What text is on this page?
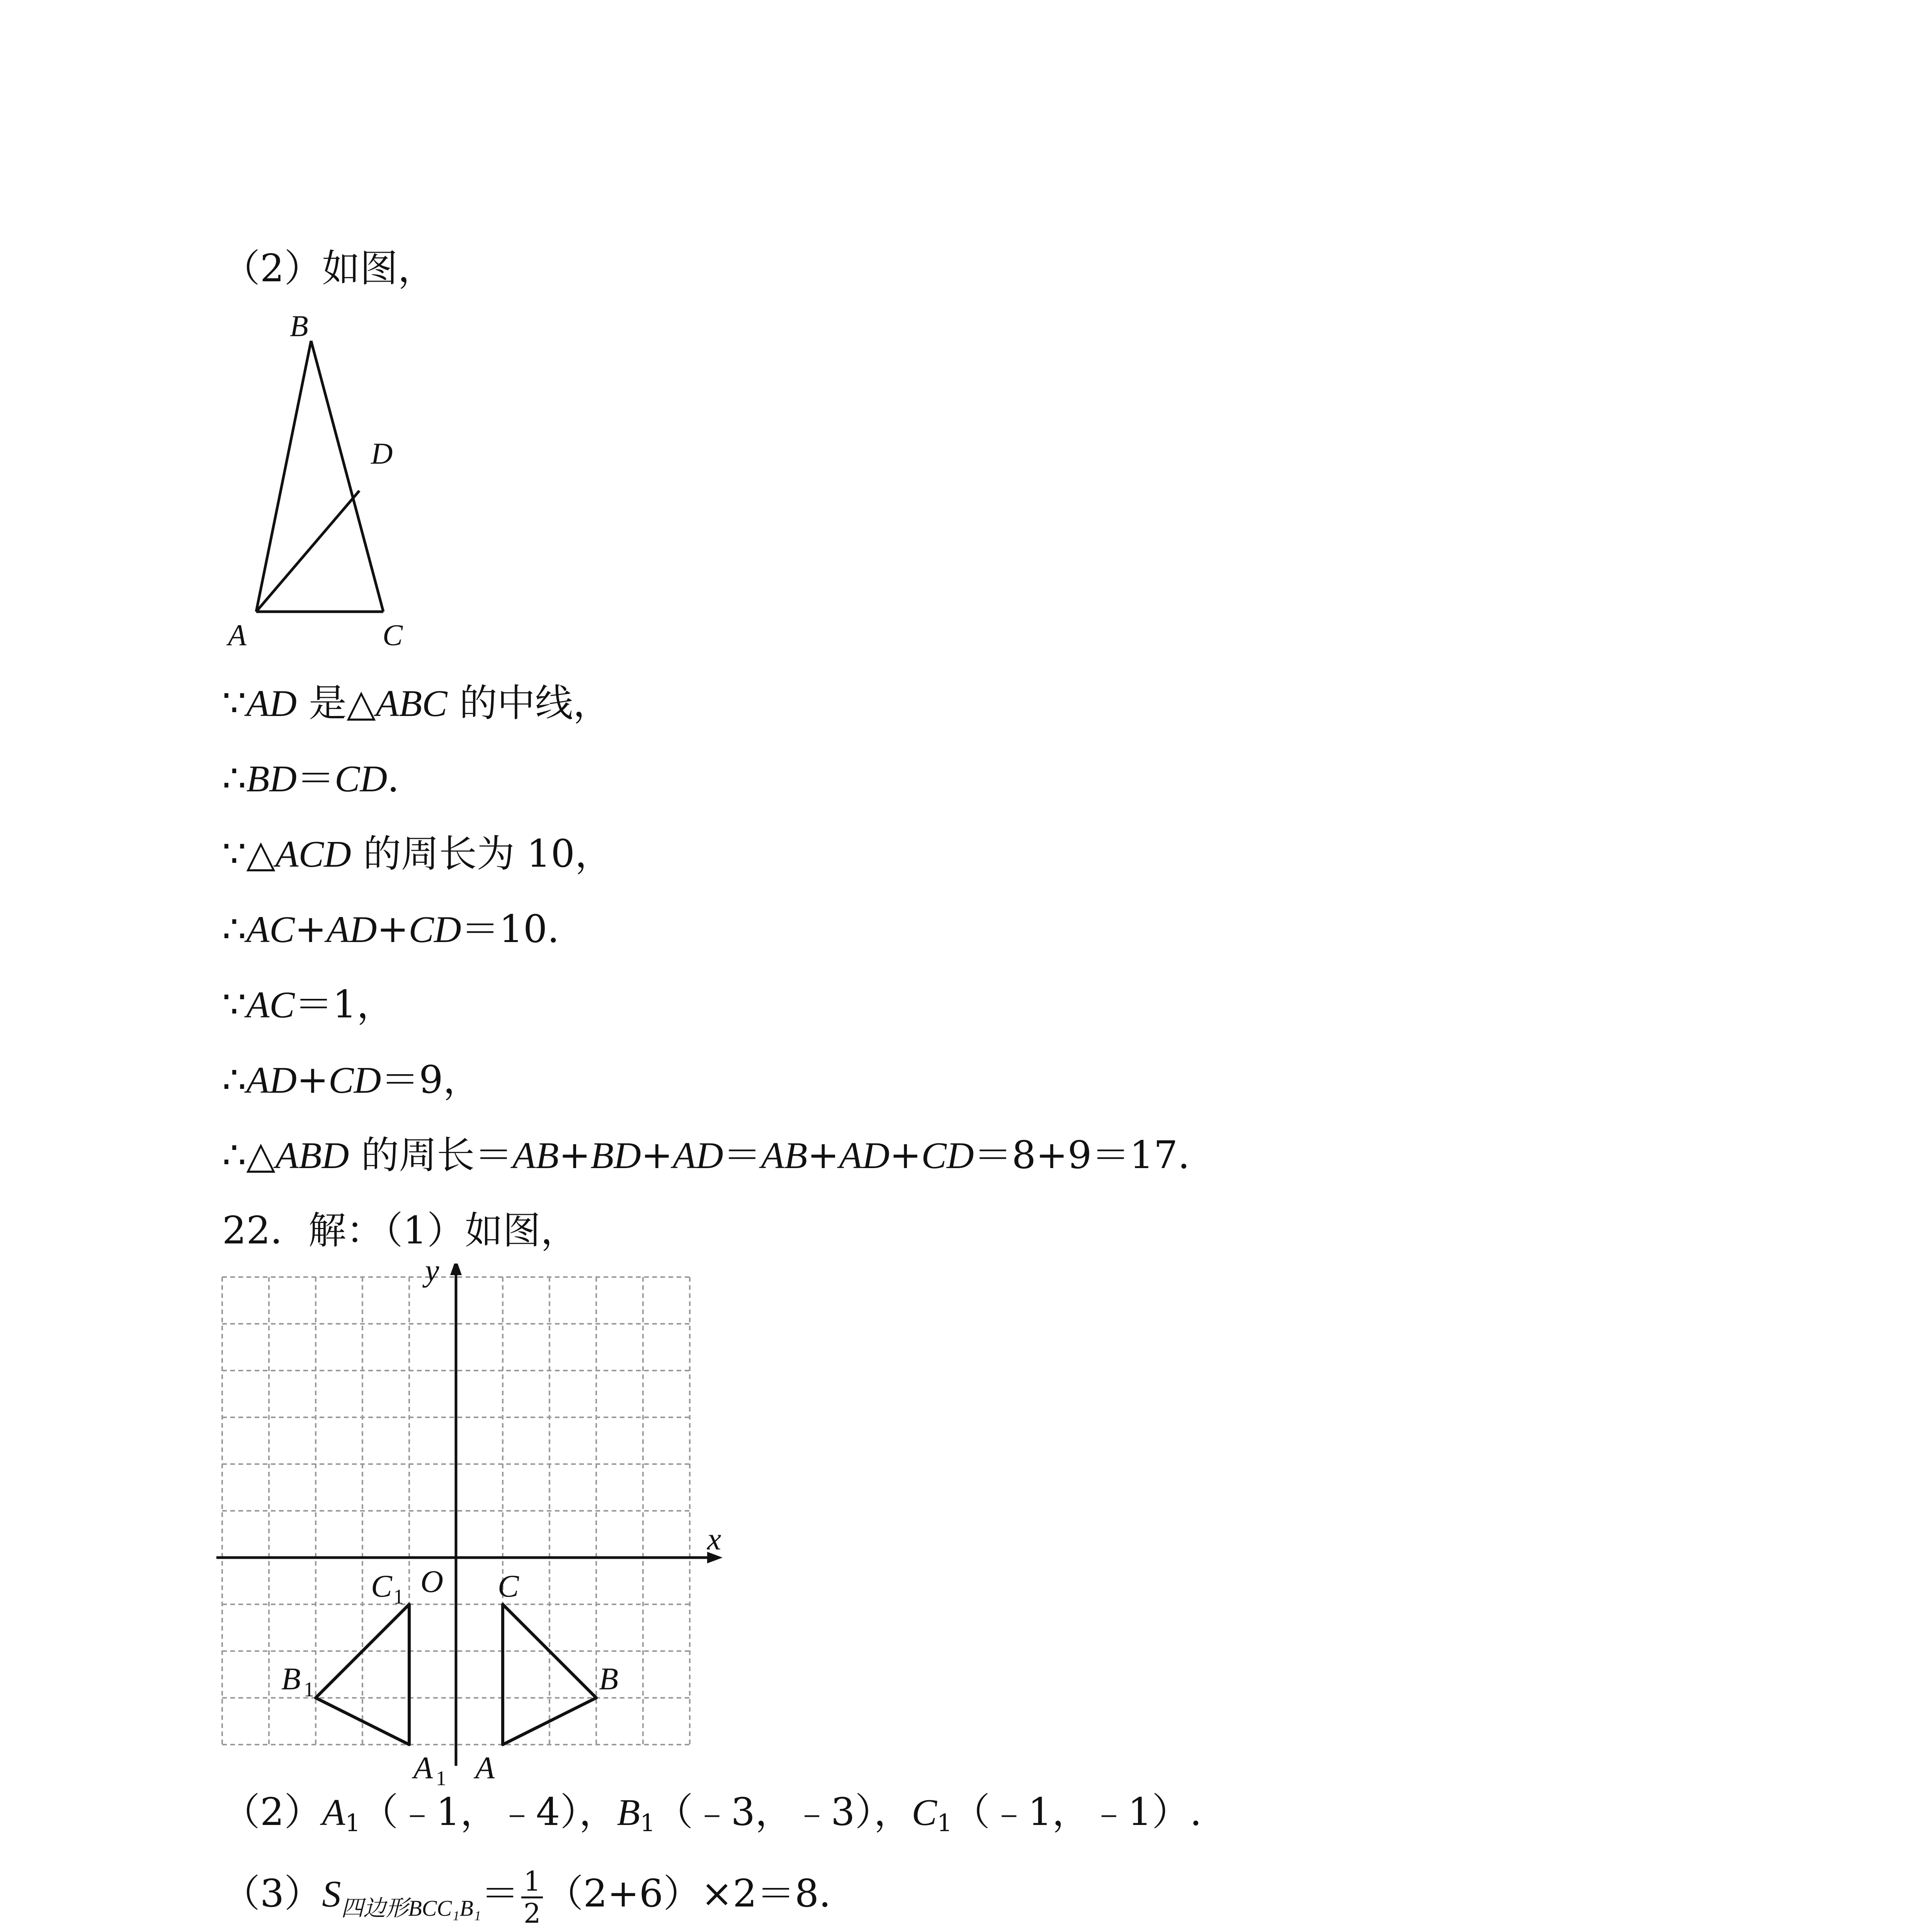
（2）如图，

B
D
A	C

∵AD 是△ABC 的中线，

∴BD＝CD.

∵△ACD 的周长为 10，

∴AC+AD+CD＝10.

∵AC＝1，

∴AD+CD＝9，

∴△ABD 的周长＝AB+BD+AD＝AB+AD+CD＝8+9＝17.

22．解：（1）如图，

y
x
O
C 1
B 1
A 1 A
B
C

$(2)A_1(﹣1$，﹣4），$B_1(﹣3$，﹣3），$C_1(﹣1$，﹣1）.

$(3)S_{四边形BCC_1B_1}= \frac{1}{2} (2+6)\times 2=8$.
